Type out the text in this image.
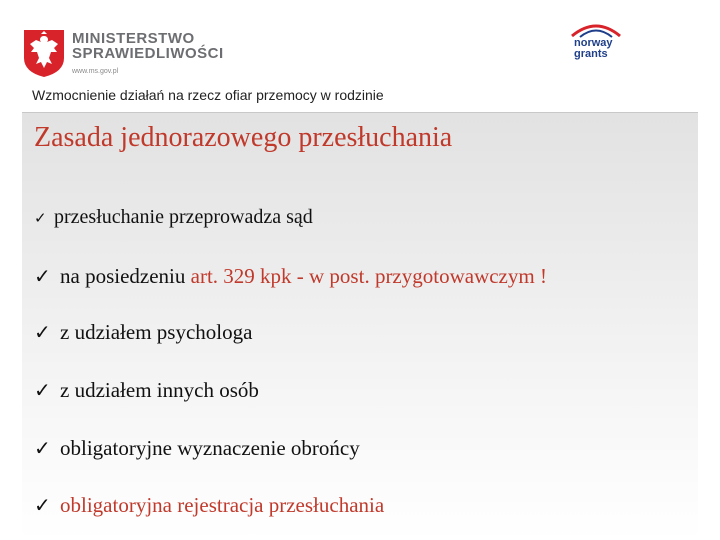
MINISTERSTWO
SPRAWIEDLIWOŚCI
www.ms.gov.pl
norway
grants
Wzmocnienie działań na rzecz ofiar przemocy w rodzinie
Zasada jednorazowego przesłuchania
✓ przesłuchanie przeprowadza sąd
✓ na posiedzeniu art. 329 kpk - w post. przygotowawczym !
✓ z udziałem psychologa
✓ z udziałem innych osób
✓ obligatoryjne wyznaczenie obrońcy
✓ obligatoryjna rejestracja przesłuchania
